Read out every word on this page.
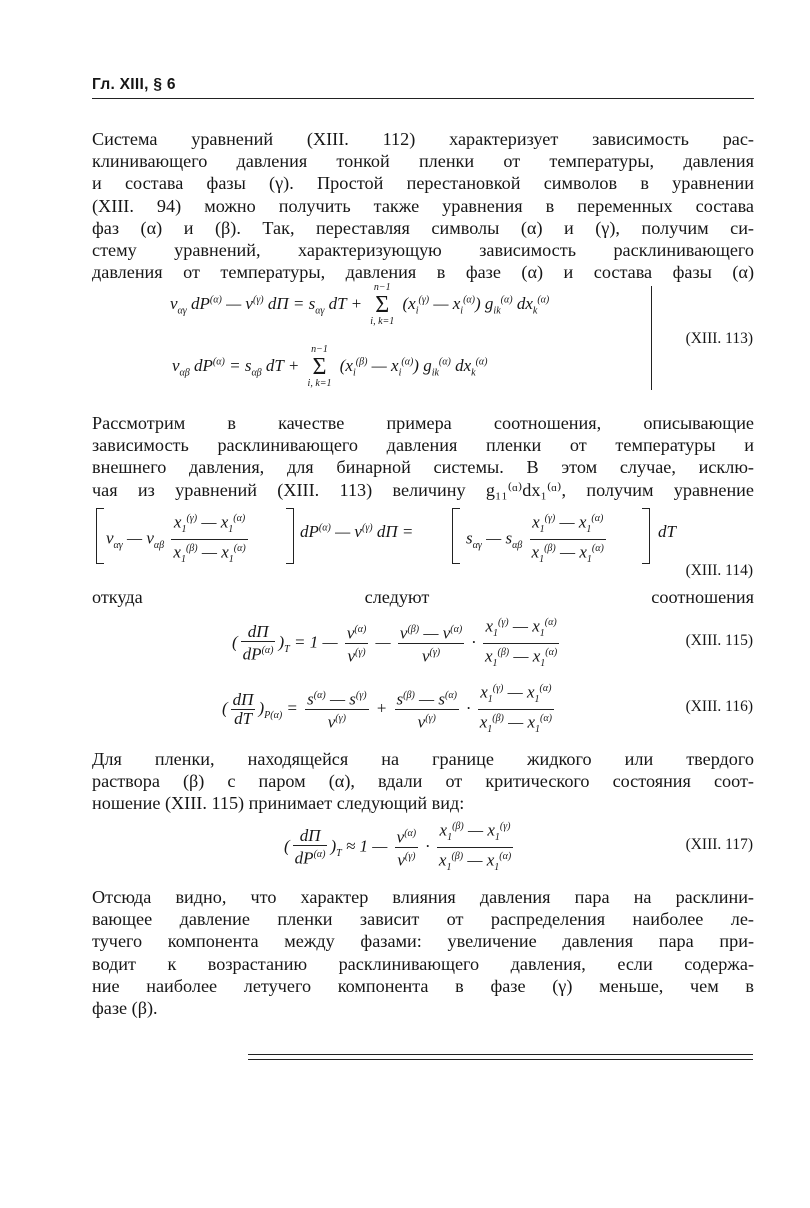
Гл. XIII, § 6
Система уравнений (XIII. 112) характеризует зависимость рас-
клинивающего давления тонкой пленки от температуры, давления
и состава фазы (γ). Простой перестановкой символов в уравнении
(XIII. 94) можно получить также уравнения в переменных состава
фаз (α) и (β). Так, переставляя символы (α) и (γ), получим си-
стему уравнений, характеризующую зависимость расклинивающего
давления от температуры, давления в фазе (α) и состава фазы (α)
$v_{\alpha\gamma}$ $dP^{(\alpha)}$ — $v^{(\gamma)}$ $d\Pi = s_{\alpha\gamma}$ dT +
n−1
Σ
i, k=1
($x_i^{(\gamma)}$ — $x_i^{(\alpha)}$) $g_{ik}^{(\alpha)}$ $dx_k^{(\alpha)}$
$v_{\alpha\beta}$ $dP^{(\alpha)} = s_{\alpha\beta}$ dT +
n−1
Σ
i, k=1
($x_i^{(\beta)}$ — $x_i^{(\alpha)}$) $g_{ik}^{(\alpha)}$ $dx_k^{(\alpha)}$
(XIII. 113)
Рассмотрим в качестве примера соотношения, описывающие
зависимость расклинивающего давления пленки от температуры и
внешнего давления, для бинарной системы. В этом случае, исклю-
чая из уравнений (XIII. 113) величину g₁₁⁽ᵅ⁾dx₁⁽ᵅ⁾, получим уравнение
$v_{\alpha\gamma}$ — $v_{\alpha\beta} \frac{x_1^{(\gamma)} — x_1^{(\alpha)}}{x_1^{(\beta)} — x_1^{(\alpha)}}$	$dP^{(\alpha)}$ — $v^{(\gamma)}$ dΠ =	$s_{\alpha\gamma}$ — $s_{\alpha\beta} \frac{x_1^{(\gamma)} — x_1^{(\alpha)}}{x_1^{(\beta)} — x_1^{(\alpha)}}$	dT
(XIII. 114)
откуда следуют соотношения
( $\frac{d\Pi}{dP^{(\alpha)}} )_T = 1$ — $\frac{v^{(\alpha)}}{v^{(\gamma)}}$ — $\frac{v^{(\beta)} — v^{(\alpha)}}{v^{(\gamma)}} \cdot \frac{x_1^{(\gamma)} — x_1^{(\alpha)}}{x_1^{(\beta)} — x_1^{(\alpha)}}$	(XIII. 115)
( $\frac{d\Pi}{dT} )_{P(\alpha)} = \frac{s^{(\alpha)} — s^{(\gamma)}}{v^{(\gamma)}} + \frac{s^{(\beta)} — s^{(\alpha)}}{v^{(\gamma)}} \cdot \frac{x_1^{(\gamma)} — x_1^{(\alpha)}}{x_1^{(\beta)} — x_1^{(\alpha)}}$	(XIII. 116)
Для пленки, находящейся на границе жидкого или твердого
раствора (β) с паром (α), вдали от критического состояния соот-
ношение (XIII. 115) принимает следующий вид:
( $\frac{d\Pi}{dP^{(\alpha)}} )_T \approx 1$ — $\frac{v^{(\alpha)}}{v^{(\gamma)}} \cdot \frac{x_1^{(\beta)} — x_1^{(\gamma)}}{x_1^{(\beta)} — x_1^{(\alpha)}}$	(XIII. 117)
Отсюда видно, что характер влияния давления пара на расклини-
вающее давление пленки зависит от распределения наиболее ле-
тучего компонента между фазами: увеличение давления пара при-
водит к возрастанию расклинивающего давления, если содержа-
ние наиболее летучего компонента в фазе (γ) меньше, чем в
фазе (β).
